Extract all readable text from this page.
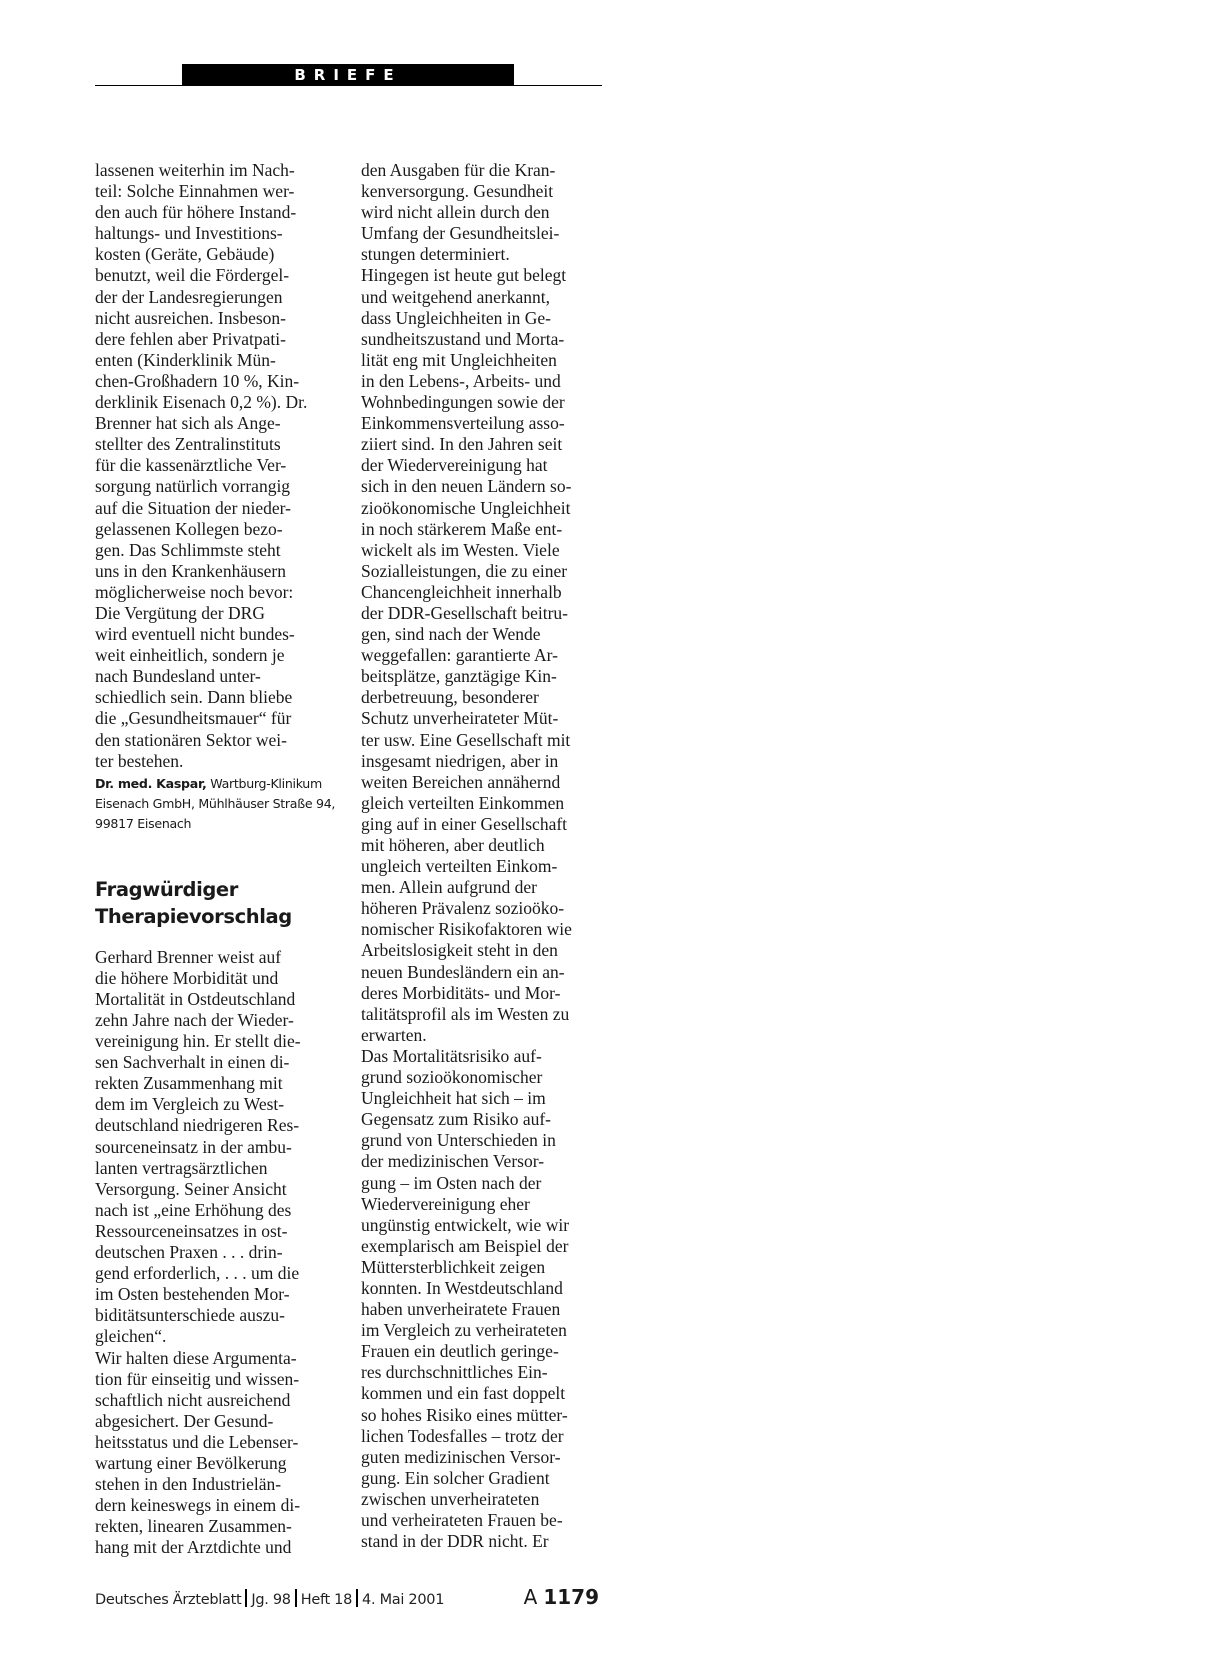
BRIEFE
lassenen weiterhin im Nach-
teil: Solche Einnahmen wer-
den auch für höhere Instand-
haltungs- und Investitions-
kosten (Geräte, Gebäude)
benutzt, weil die Fördergel-
der der Landesregierungen
nicht ausreichen. Insbeson-
dere fehlen aber Privatpati-
enten (Kinderklinik Mün-
chen-Großhadern 10 %, Kin-
derklinik Eisenach 0,2 %). Dr.
Brenner hat sich als Ange-
stellter des Zentralinstituts
für die kassenärztliche Ver-
sorgung natürlich vorrangig
auf die Situation der nieder-
gelassenen Kollegen bezo-
gen. Das Schlimmste steht
uns in den Krankenhäusern
möglicherweise noch bevor:
Die Vergütung der DRG
wird eventuell nicht bundes-
weit einheitlich, sondern je
nach Bundesland unter-
schiedlich sein. Dann bliebe
die „Gesundheitsmauer“ für
den stationären Sektor wei-
ter bestehen.
Dr. med. Kaspar, Wartburg-Klinikum
Eisenach GmbH, Mühlhäuser Straße 94,
99817 Eisenach
Fragwürdiger
Therapievorschlag
Gerhard Brenner weist auf
die höhere Morbidität und
Mortalität in Ostdeutschland
zehn Jahre nach der Wieder-
vereinigung hin. Er stellt die-
sen Sachverhalt in einen di-
rekten Zusammenhang mit
dem im Vergleich zu West-
deutschland niedrigeren Res-
sourceneinsatz in der ambu-
lanten vertragsärztlichen
Versorgung. Seiner Ansicht
nach ist „eine Erhöhung des
Ressourceneinsatzes in ost-
deutschen Praxen . . . drin-
gend erforderlich, . . . um die
im Osten bestehenden Mor-
biditätsunterschiede auszu-
gleichen“.
Wir halten diese Argumenta-
tion für einseitig und wissen-
schaftlich nicht ausreichend
abgesichert. Der Gesund-
heitsstatus und die Lebenser-
wartung einer Bevölkerung
stehen in den Industrielän-
dern keineswegs in einem di-
rekten, linearen Zusammen-
hang mit der Arztdichte und
den Ausgaben für die Kran-
kenversorgung. Gesundheit
wird nicht allein durch den
Umfang der Gesundheitslei-
stungen determiniert.
Hingegen ist heute gut belegt
und weitgehend anerkannt,
dass Ungleichheiten in Ge-
sundheitszustand und Morta-
lität eng mit Ungleichheiten
in den Lebens-, Arbeits- und
Wohnbedingungen sowie der
Einkommensverteilung asso-
ziiert sind. In den Jahren seit
der Wiedervereinigung hat
sich in den neuen Ländern so-
zioökonomische Ungleichheit
in noch stärkerem Maße ent-
wickelt als im Westen. Viele
Sozialleistungen, die zu einer
Chancengleichheit innerhalb
der DDR-Gesellschaft beitru-
gen, sind nach der Wende
weggefallen: garantierte Ar-
beitsplätze, ganztägige Kin-
derbetreuung, besonderer
Schutz unverheirateter Müt-
ter usw. Eine Gesellschaft mit
insgesamt niedrigen, aber in
weiten Bereichen annähernd
gleich verteilten Einkommen
ging auf in einer Gesellschaft
mit höheren, aber deutlich
ungleich verteilten Einkom-
men. Allein aufgrund der
höheren Prävalenz sozioöko-
nomischer Risikofaktoren wie
Arbeitslosigkeit steht in den
neuen Bundesländern ein an-
deres Morbiditäts- und Mor-
talitätsprofil als im Westen zu
erwarten.
Das Mortalitätsrisiko auf-
grund sozioökonomischer
Ungleichheit hat sich – im
Gegensatz zum Risiko auf-
grund von Unterschieden in
der medizinischen Versor-
gung – im Osten nach der
Wiedervereinigung eher
ungünstig entwickelt, wie wir
exemplarisch am Beispiel der
Müttersterblichkeit zeigen
konnten. In Westdeutschland
haben unverheiratete Frauen
im Vergleich zu verheirateten
Frauen ein deutlich geringe-
res durchschnittliches Ein-
kommen und ein fast doppelt
so hohes Risiko eines mütter-
lichen Todesfalles – trotz der
guten medizinischen Versor-
gung. Ein solcher Gradient
zwischen unverheirateten
und verheirateten Frauen be-
stand in der DDR nicht. Er
Deutsches Ärzteblatt Jg. 98 Heft 18 4. Mai 2001	A 1179
